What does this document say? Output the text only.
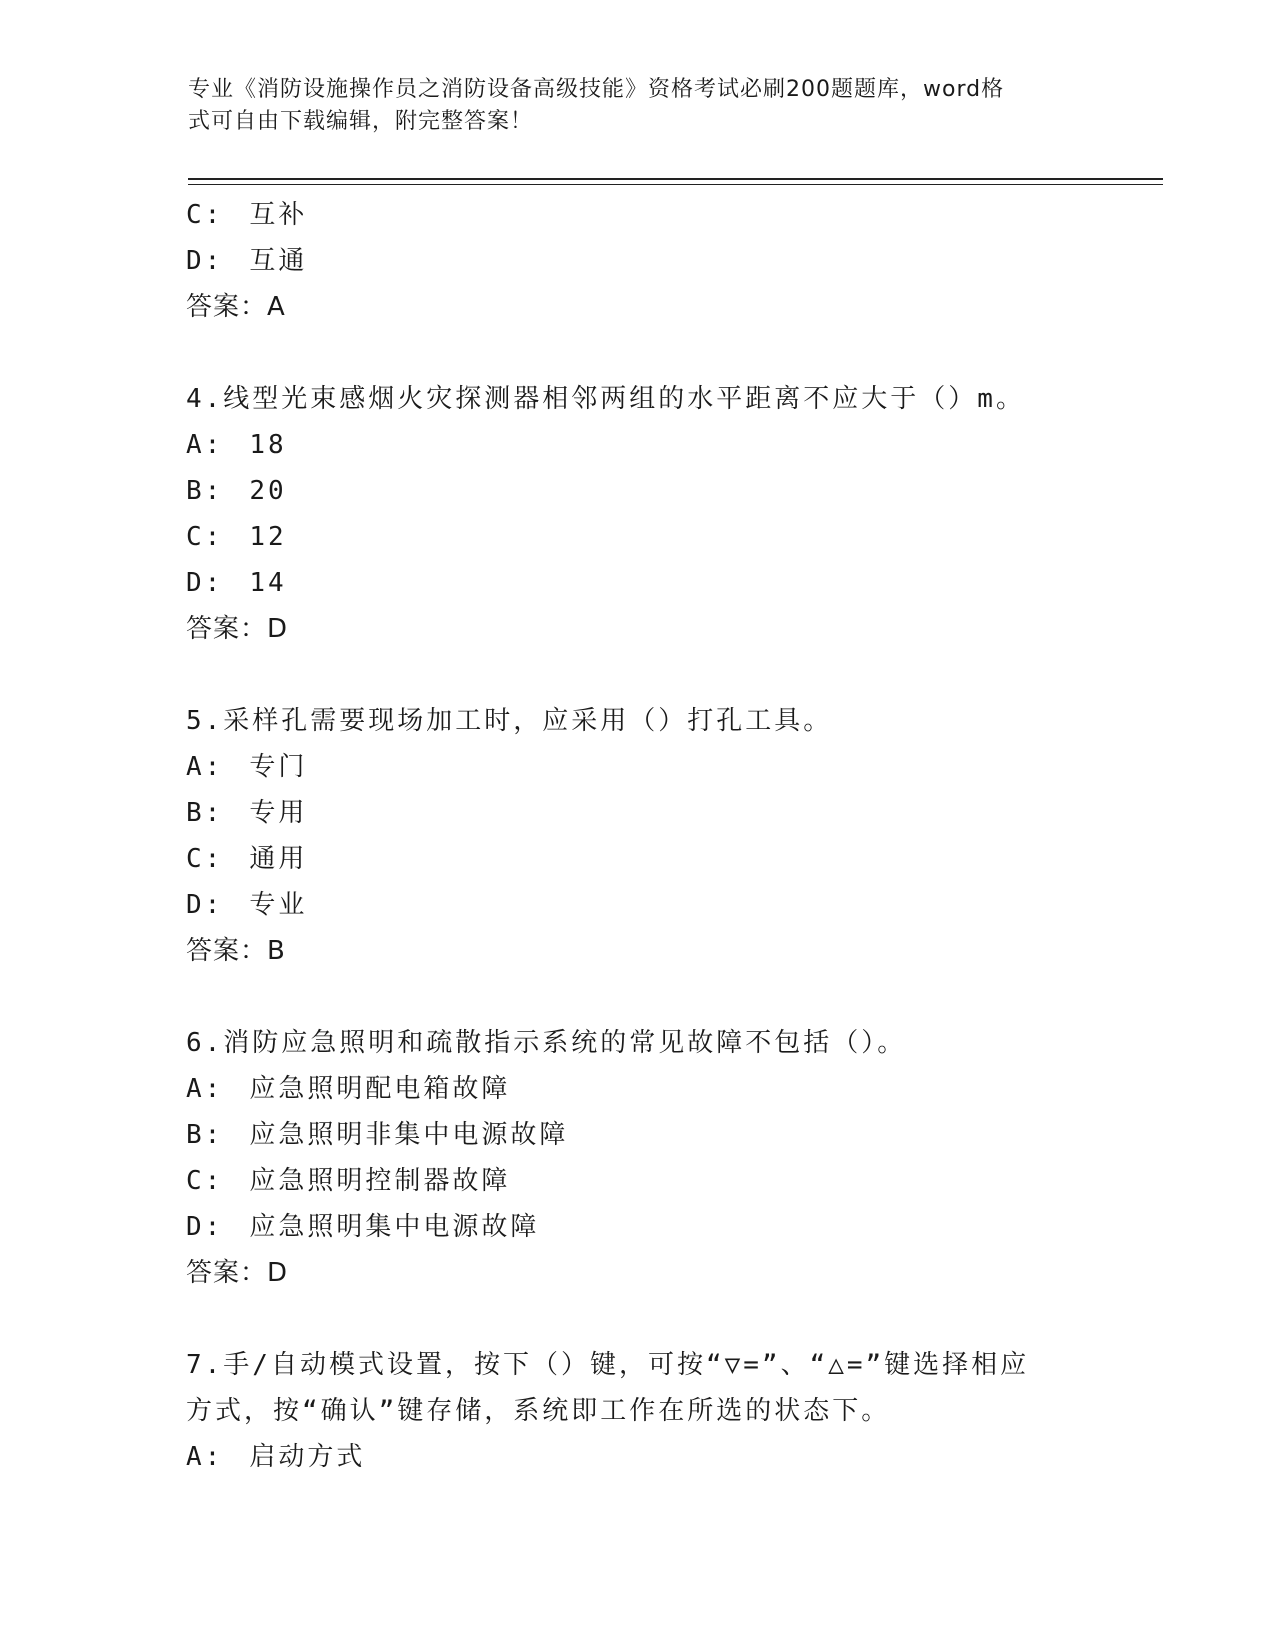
专业《消防设施操作员之消防设备高级技能》资格考试必刷200题题库，word格
式可自由下载编辑，附完整答案！
C: 互补
D: 互通
答案：A
4.线型光束感烟火灾探测器相邻两组的水平距离不应大于（）m。
A: 18
B: 20
C: 12
D: 14
答案：D
5.采样孔需要现场加工时，应采用（）打孔工具。
A: 专门
B: 专用
C: 通用
D: 专业
答案：B
6.消防应急照明和疏散指示系统的常见故障不包括（）。
A: 应急照明配电箱故障
B: 应急照明非集中电源故障
C: 应急照明控制器故障
D: 应急照明集中电源故障
答案：D
7.手/自动模式设置，按下（）键，可按“▽=”、“△=”键选择相应
方式，按“确认”键存储，系统即工作在所选的状态下。
A: 启动方式
